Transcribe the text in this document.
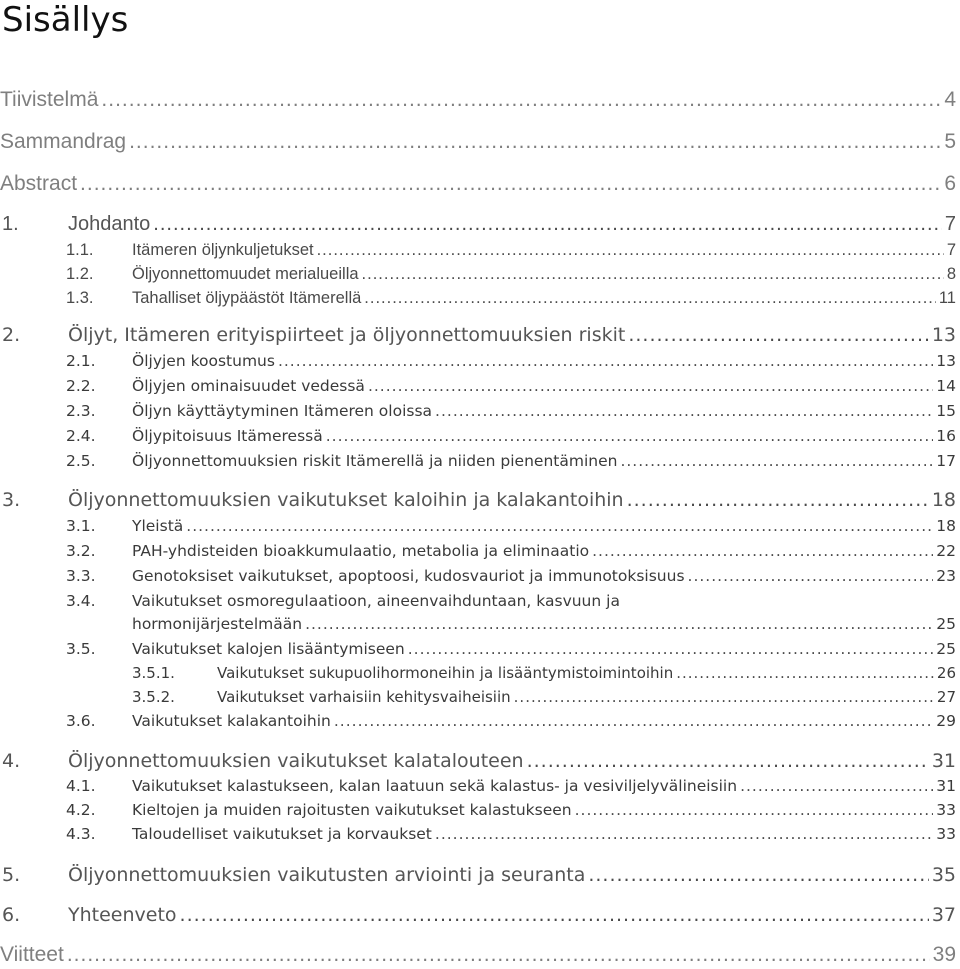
Sisällys
Tiivistelmä .....	4
Sammandrag .....	5
Abstract .....	6
1.	Johdanto .....	7
1.1.	Itämeren öljynkuljetukset .....	7
1.2.	Öljyonnettomuudet merialueilla .....	8
1.3.	Tahalliset öljypäästöt Itämerellä .....	11
2.	Öljyt, Itämeren erityispiirteet ja öljyonnettomuuksien riskit .....	13
2.1.	Öljyjen koostumus .....	13
2.2.	Öljyjen ominaisuudet vedessä .....	14
2.3.	Öljyn käyttäytyminen Itämeren oloissa .....	15
2.4.	Öljypitoisuus Itämeressä .....	16
2.5.	Öljyonnettomuuksien riskit Itämerellä ja niiden pienentäminen .....	17
3.	Öljyonnettomuuksien vaikutukset kaloihin ja kalakantoihin .....	18
3.1.	Yleistä .....	18
3.2.	PAH-yhdisteiden bioakkumulaatio, metabolia ja eliminaatio .....	22
3.3.	Genotoksiset vaikutukset, apoptoosi, kudosvauriot ja immunotoksisuus .....	23
3.4.	Vaikutukset osmoregulaatioon, aineenvaihduntaan, kasvuun ja
hormonijärjestelmään .....	25
3.5.	Vaikutukset kalojen lisääntymiseen .....	25
3.5.1.	Vaikutukset sukupuolihormoneihin ja lisääntymistoimintoihin .....	26
3.5.2.	Vaikutukset varhaisiin kehitysvaiheisiin .....	27
3.6.	Vaikutukset kalakantoihin .....	29
4.	Öljyonnettomuuksien vaikutukset kalatalouteen .....	31
4.1.	Vaikutukset kalastukseen, kalan laatuun sekä kalastus- ja vesiviljelyvälineisiin .....	31
4.2.	Kieltojen ja muiden rajoitusten vaikutukset kalastukseen .....	33
4.3.	Taloudelliset vaikutukset ja korvaukset .....	33
5.	Öljyonnettomuuksien vaikutusten arviointi ja seuranta .....	35
6.	Yhteenveto .....	37
Viitteet .....	39
